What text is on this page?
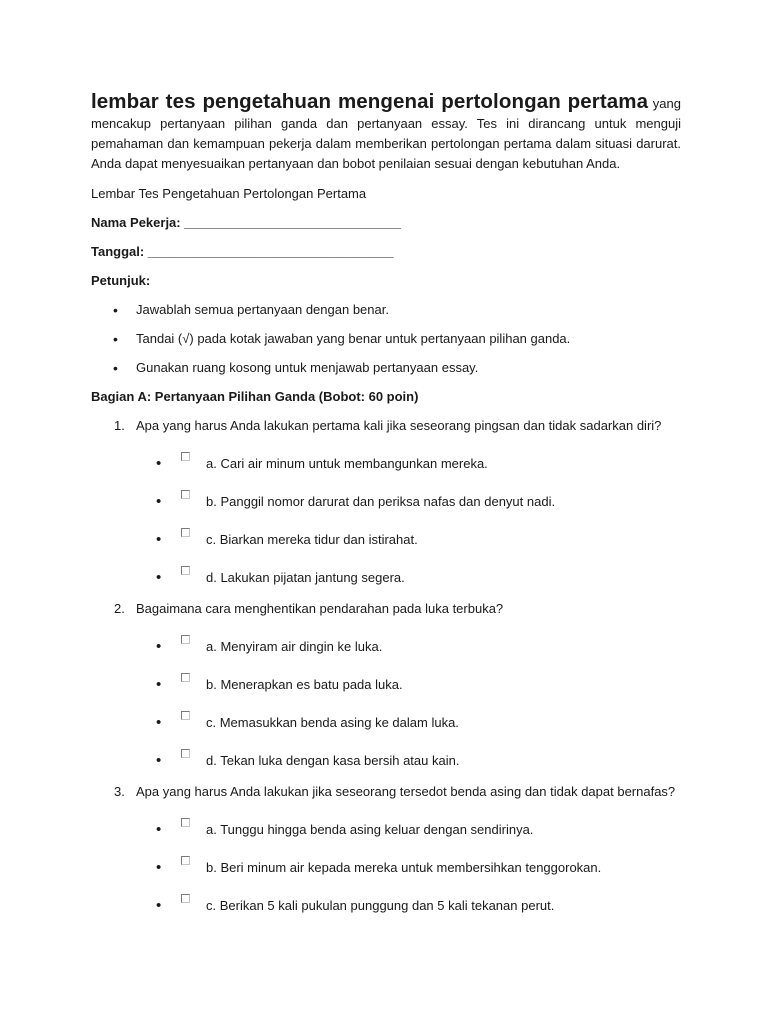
lembar tes pengetahuan mengenai pertolongan pertama yang mencakup pertanyaan pilihan ganda dan pertanyaan essay. Tes ini dirancang untuk menguji pemahaman dan kemampuan pekerja dalam memberikan pertolongan pertama dalam situasi darurat. Anda dapat menyesuaikan pertanyaan dan bobot penilaian sesuai dengan kebutuhan Anda.

Lembar Tes Pengetahuan Pertolongan Pertama

Nama Pekerja: ______________________________

Tanggal: __________________________________

Petunjuk:

• Jawablah semua pertanyaan dengan benar.
• Tandai (√) pada kotak jawaban yang benar untuk pertanyaan pilihan ganda.
• Gunakan ruang kosong untuk menjawab pertanyaan essay.

Bagian A: Pertanyaan Pilihan Ganda (Bobot: 60 poin)

1. Apa yang harus Anda lakukan pertama kali jika seseorang pingsan dan tidak sadarkan diri?
•	a. Cari air minum untuk membangunkan mereka.
•	b. Panggil nomor darurat dan periksa nafas dan denyut nadi.
•	c. Biarkan mereka tidur dan istirahat.
•	d. Lakukan pijatan jantung segera.
2. Bagaimana cara menghentikan pendarahan pada luka terbuka?
•	a. Menyiram air dingin ke luka.
•	b. Menerapkan es batu pada luka.
•	c. Memasukkan benda asing ke dalam luka.
•	d. Tekan luka dengan kasa bersih atau kain.
3. Apa yang harus Anda lakukan jika seseorang tersedot benda asing dan tidak dapat bernafas?
•	a. Tunggu hingga benda asing keluar dengan sendirinya.
•	b. Beri minum air kepada mereka untuk membersihkan tenggorokan.
•	c. Berikan 5 kali pukulan punggung dan 5 kali tekanan perut.
